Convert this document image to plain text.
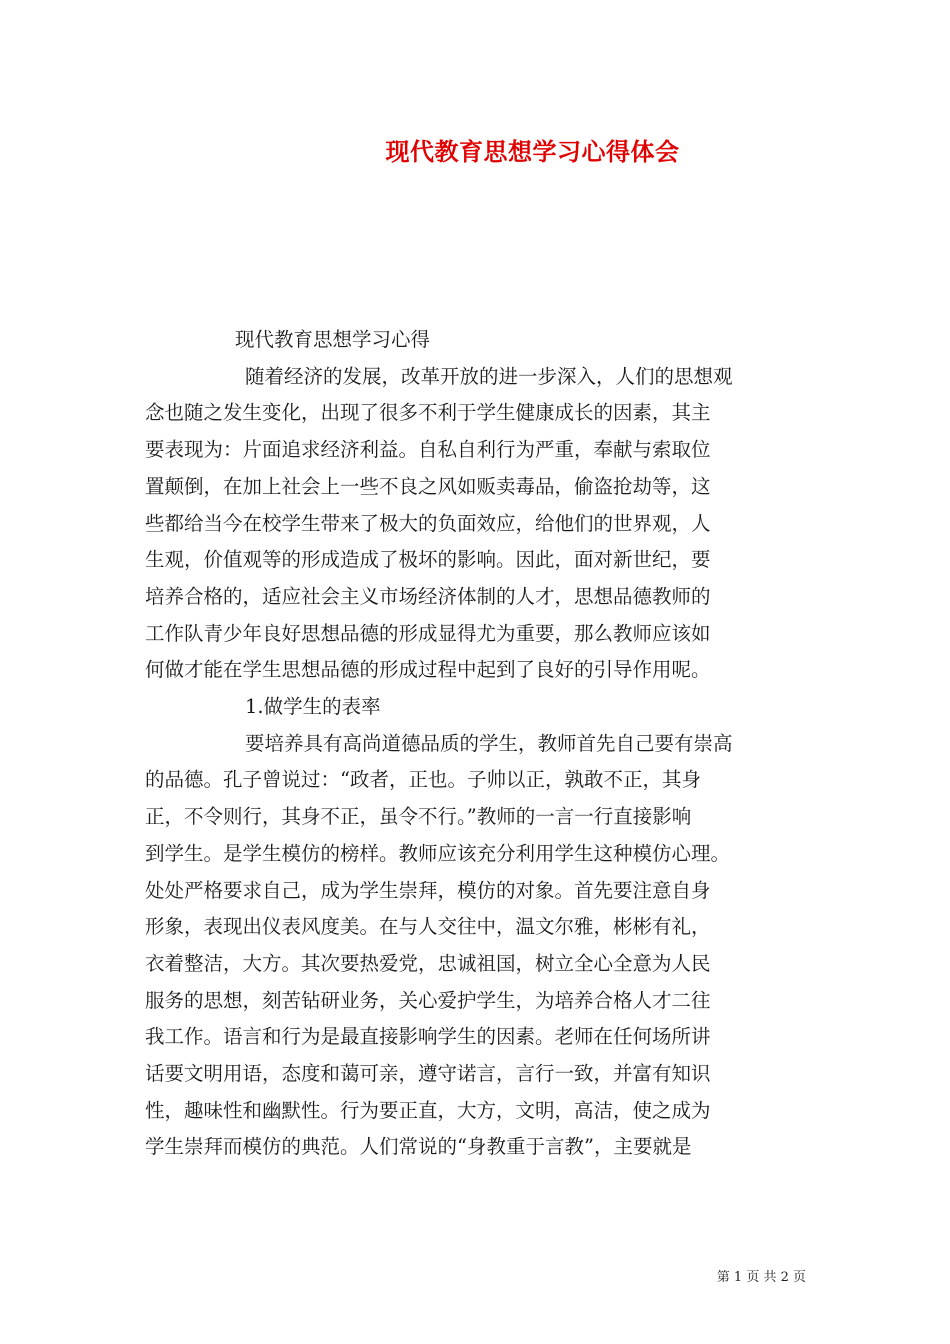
现代教育思想学习心得体会
现代教育思想学习心得
随着经济的发展，改革开放的进一步深入，人们的思想观
念也随之发生变化，出现了很多不利于学生健康成长的因素，其主
要表现为：片面追求经济利益。自私自利行为严重，奉献与索取位
置颠倒，在加上社会上一些不良之风如贩卖毒品，偷盗抢劫等，这
些都给当今在校学生带来了极大的负面效应，给他们的世界观，人
生观，价值观等的形成造成了极坏的影响。因此，面对新世纪，要
培养合格的，适应社会主义市场经济体制的人才，思想品德教师的
工作队青少年良好思想品德的形成显得尤为重要，那么教师应该如
何做才能在学生思想品德的形成过程中起到了良好的引导作用呢。
1.做学生的表率
要培养具有高尚道德品质的学生，教师首先自己要有崇高
的品德。孔子曾说过：“政者，正也。子帅以正，孰敢不正，其身
正，不令则行，其身不正，虽令不行。”教师的一言一行直接影响
到学生。是学生模仿的榜样。教师应该充分利用学生这种模仿心理。
处处严格要求自己，成为学生崇拜，模仿的对象。首先要注意自身
形象，表现出仪表风度美。在与人交往中，温文尔雅，彬彬有礼，
衣着整洁，大方。其次要热爱党，忠诚祖国，树立全心全意为人民
服务的思想，刻苦钻研业务，关心爱护学生，为培养合格人才二往
我工作。语言和行为是最直接影响学生的因素。老师在任何场所讲
话要文明用语，态度和蔼可亲，遵守诺言，言行一致，并富有知识
性，趣味性和幽默性。行为要正直，大方，文明，高洁，使之成为
学生崇拜而模仿的典范。人们常说的“身教重于言教”，主要就是
第 1 页 共 2 页
